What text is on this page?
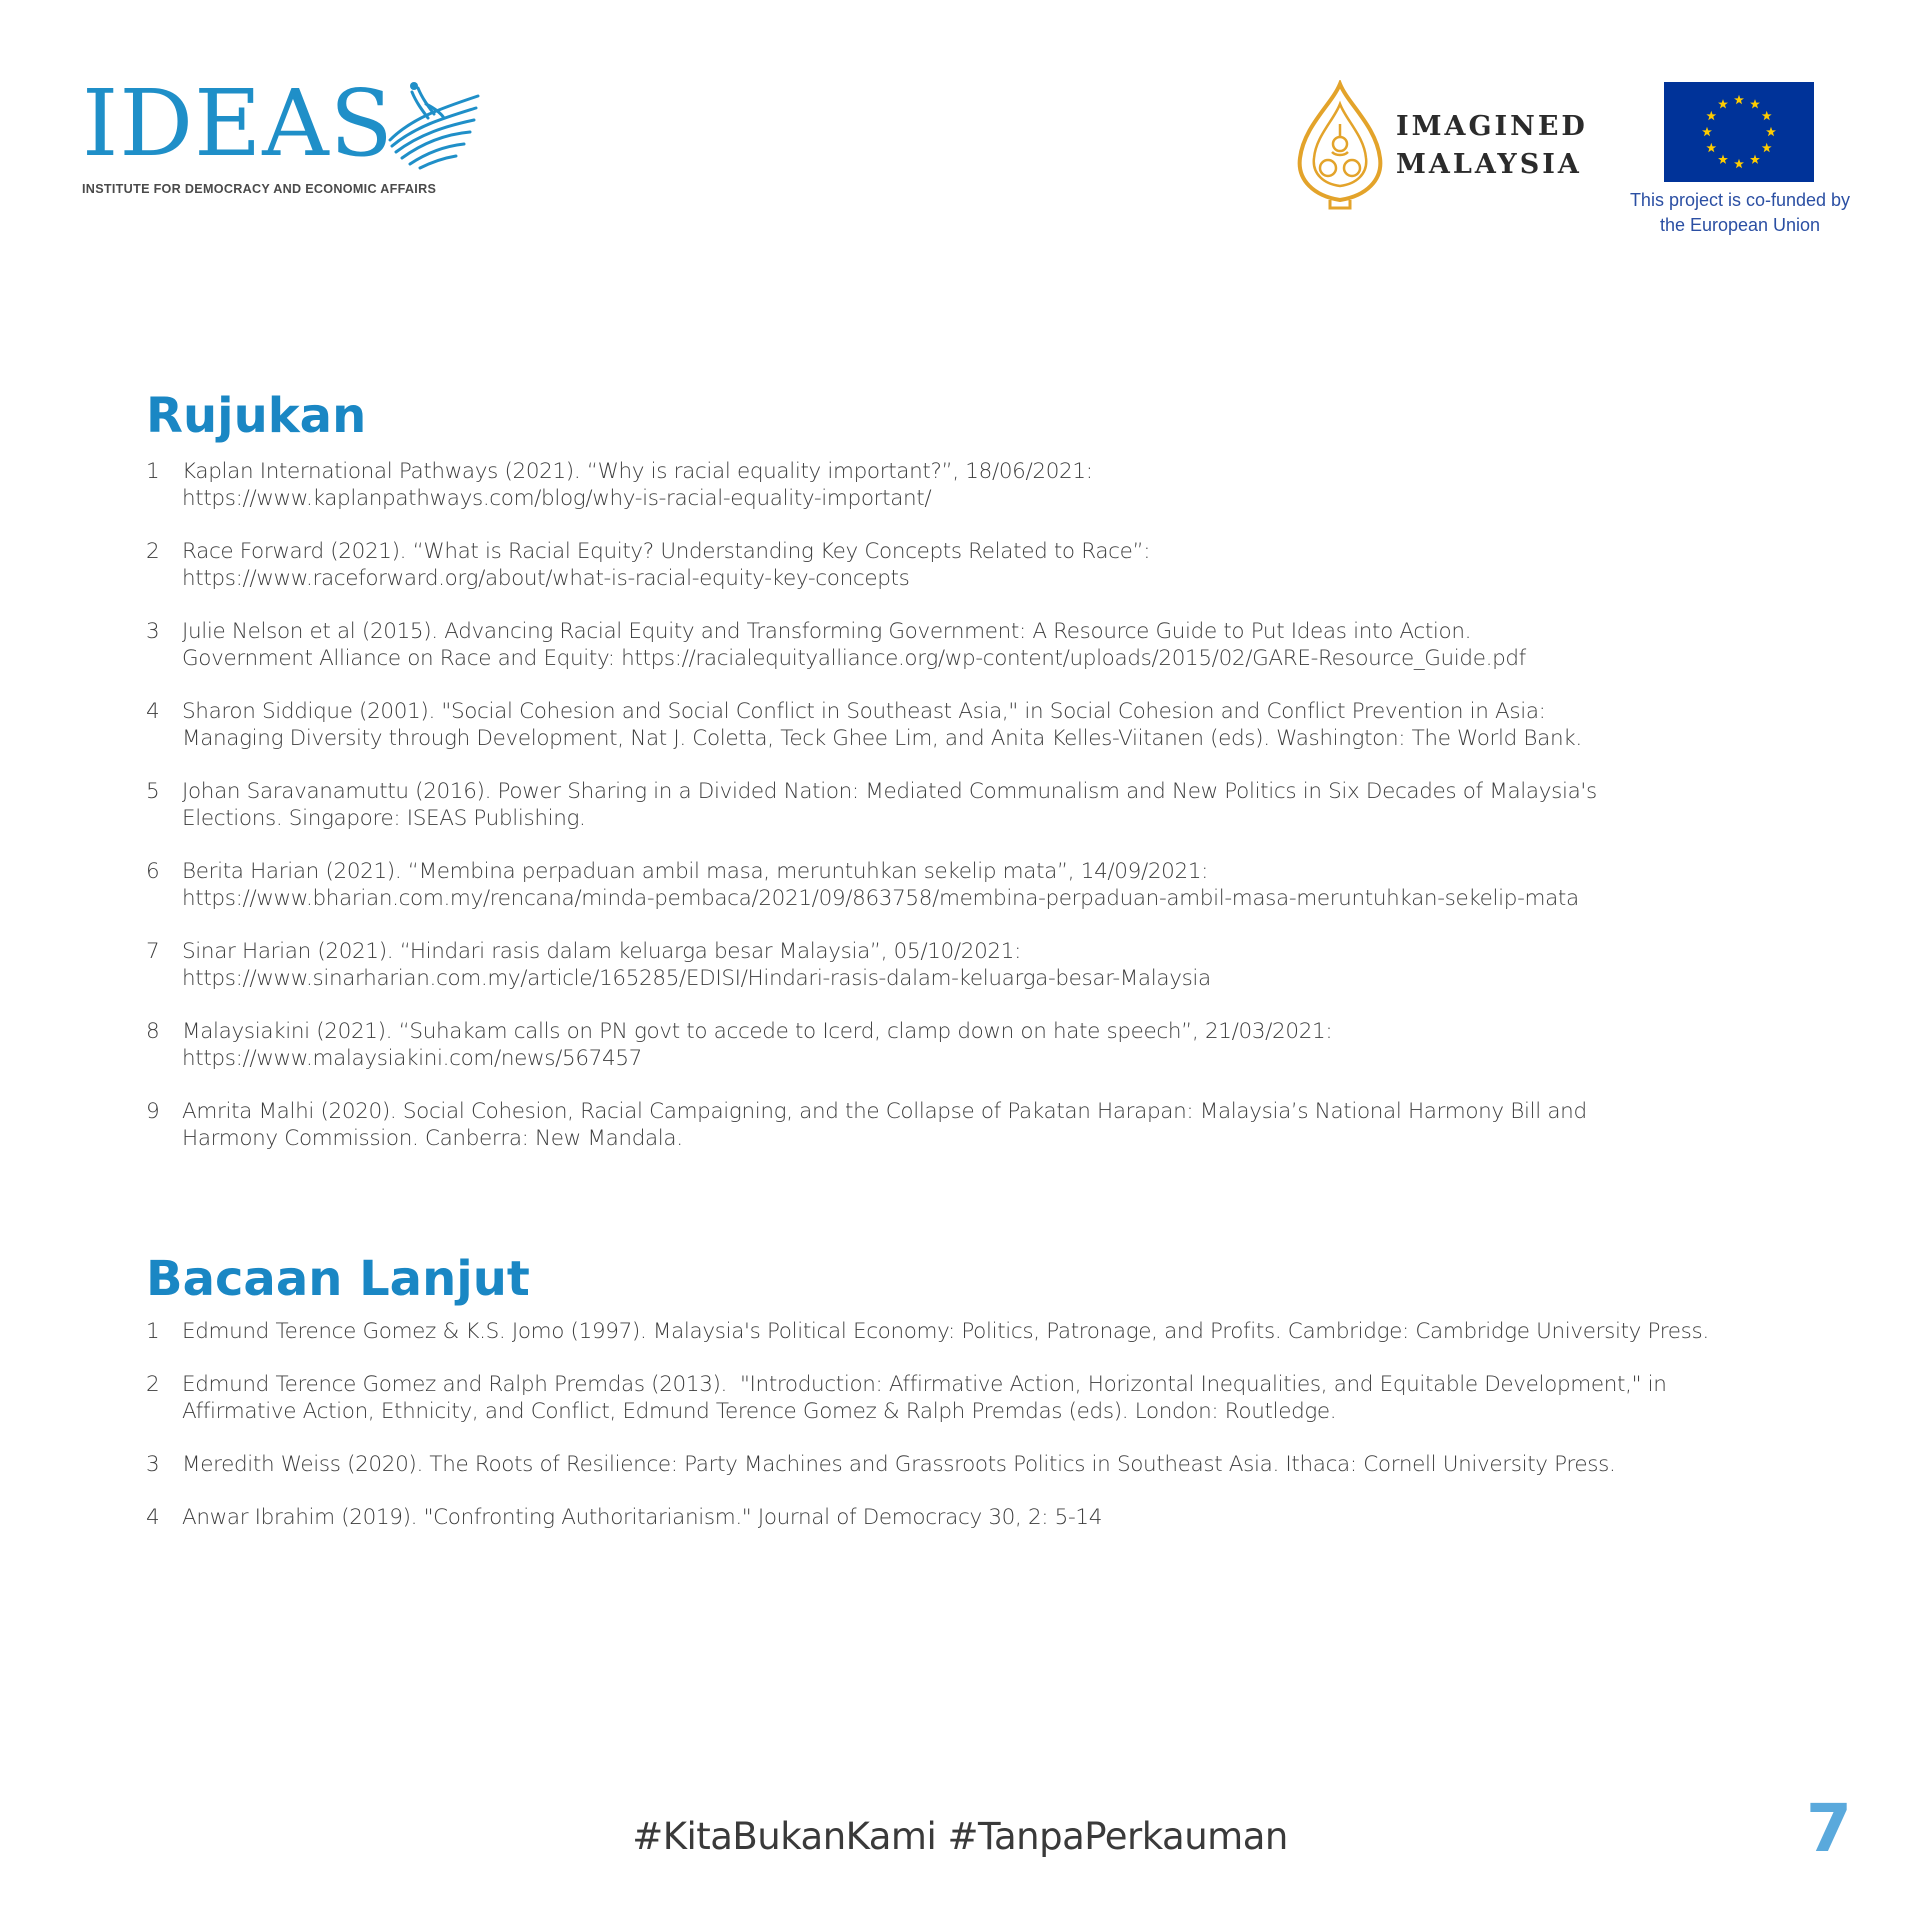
IDEAS
INSTITUTE FOR DEMOCRACY AND ECONOMIC AFFAIRS
IMAGINED
MALAYSIA
This project is co-funded by
the European Union
Rujukan
1 Kaplan International Pathways (2021). “Why is racial equality important?”, 18/06/2021:
https://www.kaplanpathways.com/blog/why-is-racial-equality-important/
2 Race Forward (2021). “What is Racial Equity? Understanding Key Concepts Related to Race”:
https://www.raceforward.org/about/what-is-racial-equity-key-concepts
3 Julie Nelson et al (2015). Advancing Racial Equity and Transforming Government: A Resource Guide to Put Ideas into Action.
Government Alliance on Race and Equity: https://racialequityalliance.org/wp-content/uploads/2015/02/GARE-Resource_Guide.pdf
4 Sharon Siddique (2001). "Social Cohesion and Social Conflict in Southeast Asia," in Social Cohesion and Conflict Prevention in Asia:
Managing Diversity through Development, Nat J. Coletta, Teck Ghee Lim, and Anita Kelles-Viitanen (eds). Washington: The World Bank.
5 Johan Saravanamuttu (2016). Power Sharing in a Divided Nation: Mediated Communalism and New Politics in Six Decades of Malaysia's
Elections. Singapore: ISEAS Publishing.
6 Berita Harian (2021). “Membina perpaduan ambil masa, meruntuhkan sekelip mata”, 14/09/2021:
https://www.bharian.com.my/rencana/minda-pembaca/2021/09/863758/membina-perpaduan-ambil-masa-meruntuhkan-sekelip-mata
7 Sinar Harian (2021). “Hindari rasis dalam keluarga besar Malaysia”, 05/10/2021:
https://www.sinarharian.com.my/article/165285/EDISI/Hindari-rasis-dalam-keluarga-besar-Malaysia
8 Malaysiakini (2021). “Suhakam calls on PN govt to accede to Icerd, clamp down on hate speech”, 21/03/2021:
https://www.malaysiakini.com/news/567457
9 Amrita Malhi (2020). Social Cohesion, Racial Campaigning, and the Collapse of Pakatan Harapan: Malaysia’s National Harmony Bill and
Harmony Commission. Canberra: New Mandala.
Bacaan Lanjut
1 Edmund Terence Gomez & K.S. Jomo (1997). Malaysia's Political Economy: Politics, Patronage, and Profits. Cambridge: Cambridge University Press.
2 Edmund Terence Gomez and Ralph Premdas (2013).  "Introduction: Affirmative Action, Horizontal Inequalities, and Equitable Development," in
Affirmative Action, Ethnicity, and Conflict, Edmund Terence Gomez & Ralph Premdas (eds). London: Routledge.
3 Meredith Weiss (2020). The Roots of Resilience: Party Machines and Grassroots Politics in Southeast Asia. Ithaca: Cornell University Press.
4 Anwar Ibrahim (2019). "Confronting Authoritarianism." Journal of Democracy 30, 2: 5-14
#KitaBukanKami #TanpaPerkauman	7
